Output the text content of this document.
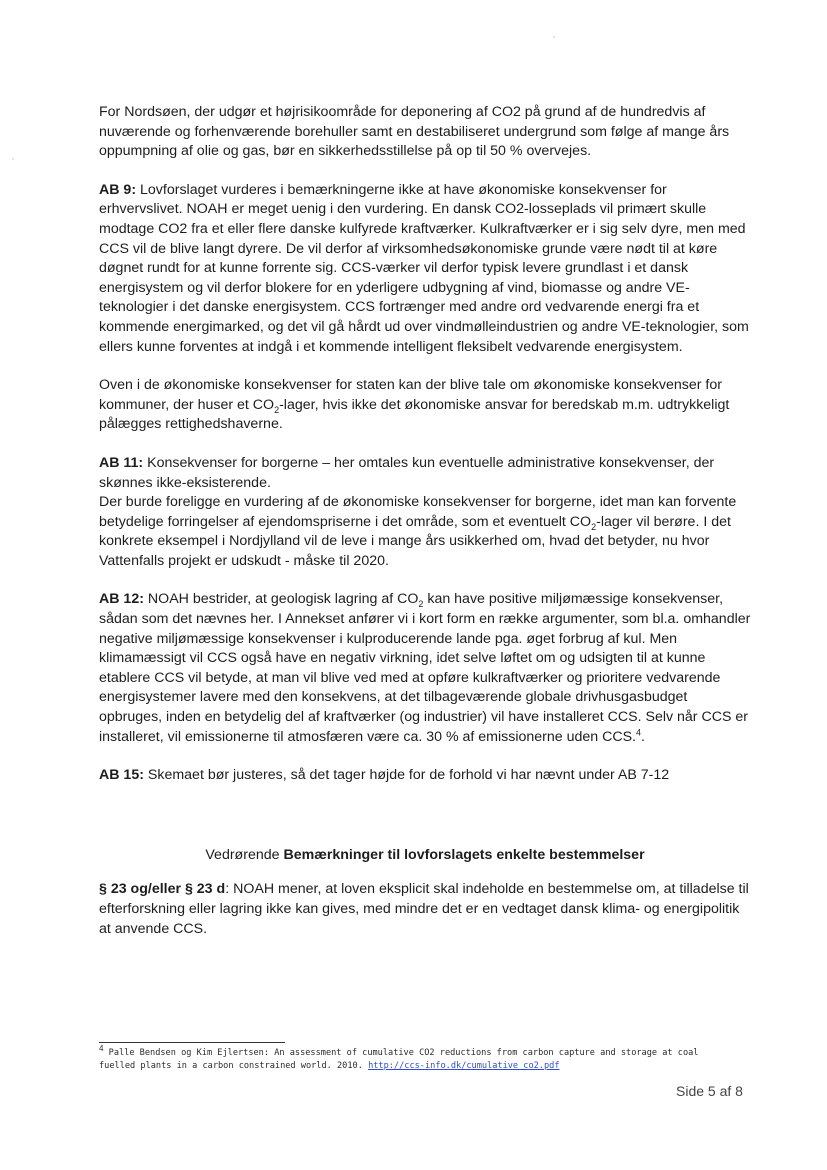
For Nordsøen, der udgør et højrisikoområde for deponering af CO2 på grund af de hundredvis af nuværende og forhenværende borehuller samt en destabiliseret undergrund som følge af mange års oppumpning af olie og gas, bør en sikkerhedsstillelse på op til 50 % overvejes.

AB 9: Lovforslaget vurderes i bemærkningerne ikke at have økonomiske konsekvenser for erhvervslivet. NOAH er meget uenig i den vurdering. En dansk CO2-losseplads vil primært skulle modtage CO2 fra et eller flere danske kulfyrede kraftværker. Kulkraftværker er i sig selv dyre, men med CCS vil de blive langt dyrere. De vil derfor af virksomhedsøkonomiske grunde være nødt til at køre døgnet rundt for at kunne forrente sig. CCS-værker vil derfor typisk levere grundlast i et dansk energisystem og vil derfor blokere for en yderligere udbygning af vind, biomasse og andre VE-teknologier i det danske energisystem. CCS fortrænger med andre ord vedvarende energi fra et kommende energimarked, og det vil gå hårdt ud over vindmølleindustrien og andre VE-teknologier, som ellers kunne forventes at indgå i et kommende intelligent fleksibelt vedvarende energisystem.

Oven i de økonomiske konsekvenser for staten kan der blive tale om økonomiske konsekvenser for kommuner, der huser et $CO_2$-lager, hvis ikke det økonomiske ansvar for beredskab m.m. udtrykkeligt pålægges rettighedshaverne.

AB 11: Konsekvenser for borgerne – her omtales kun eventuelle administrative konsekvenser, der skønnes ikke-eksisterende.

Der burde foreligge en vurdering af de økonomiske konsekvenser for borgerne, idet man kan forvente betydelige forringelser af ejendomspriserne i det område, som et eventuelt $CO_2$-lager vil berøre. I det konkrete eksempel i Nordjylland vil de leve i mange års usikkerhed om, hvad det betyder, nu hvor Vattenfalls projekt er udskudt - måske til 2020.

AB 12: NOAH bestrider, at geologisk lagring af $CO_2$ kan have positive miljømæssige konsekvenser, sådan som det nævnes her. I Annekset anfører vi i kort form en række argumenter, som bl.a. omhandler negative miljømæssige konsekvenser i kulproducerende lande pga. øget forbrug af kul. Men klimamæssigt vil CCS også have en negativ virkning, idet selve løftet om og udsigten til at kunne etablere CCS vil betyde, at man vil blive ved med at opføre kulkraftværker og prioritere vedvarende energisystemer lavere med den konsekvens, at det tilbageværende globale drivhusgasbudget opbruges, inden en betydelig del af kraftværker (og industrier) vil have installeret CCS. Selv når CCS er installeret, vil emissionerne til atmosfæren være ca. 30 % af emissionerne uden CCS.$^4$.

AB 15: Skemaet bør justeres, så det tager højde for de forhold vi har nævnt under AB 7-12

Vedrørende Bemærkninger til lovforslagets enkelte bestemmelser

§ 23 og/eller § 23 d: NOAH mener, at loven eksplicit skal indeholde en bestemmelse om, at tilladelse til efterforskning eller lagring ikke kan gives, med mindre det er en vedtaget dansk klima- og energipolitik at anvende CCS.

4 Palle Bendsen og Kim Ejlertsen: An assessment of cumulative CO2 reductions from carbon capture and storage at coal fuelled plants in a carbon constrained world. 2010. http://ccs-info.dk/cumulative_co2.pdf
Side 5 af 8
